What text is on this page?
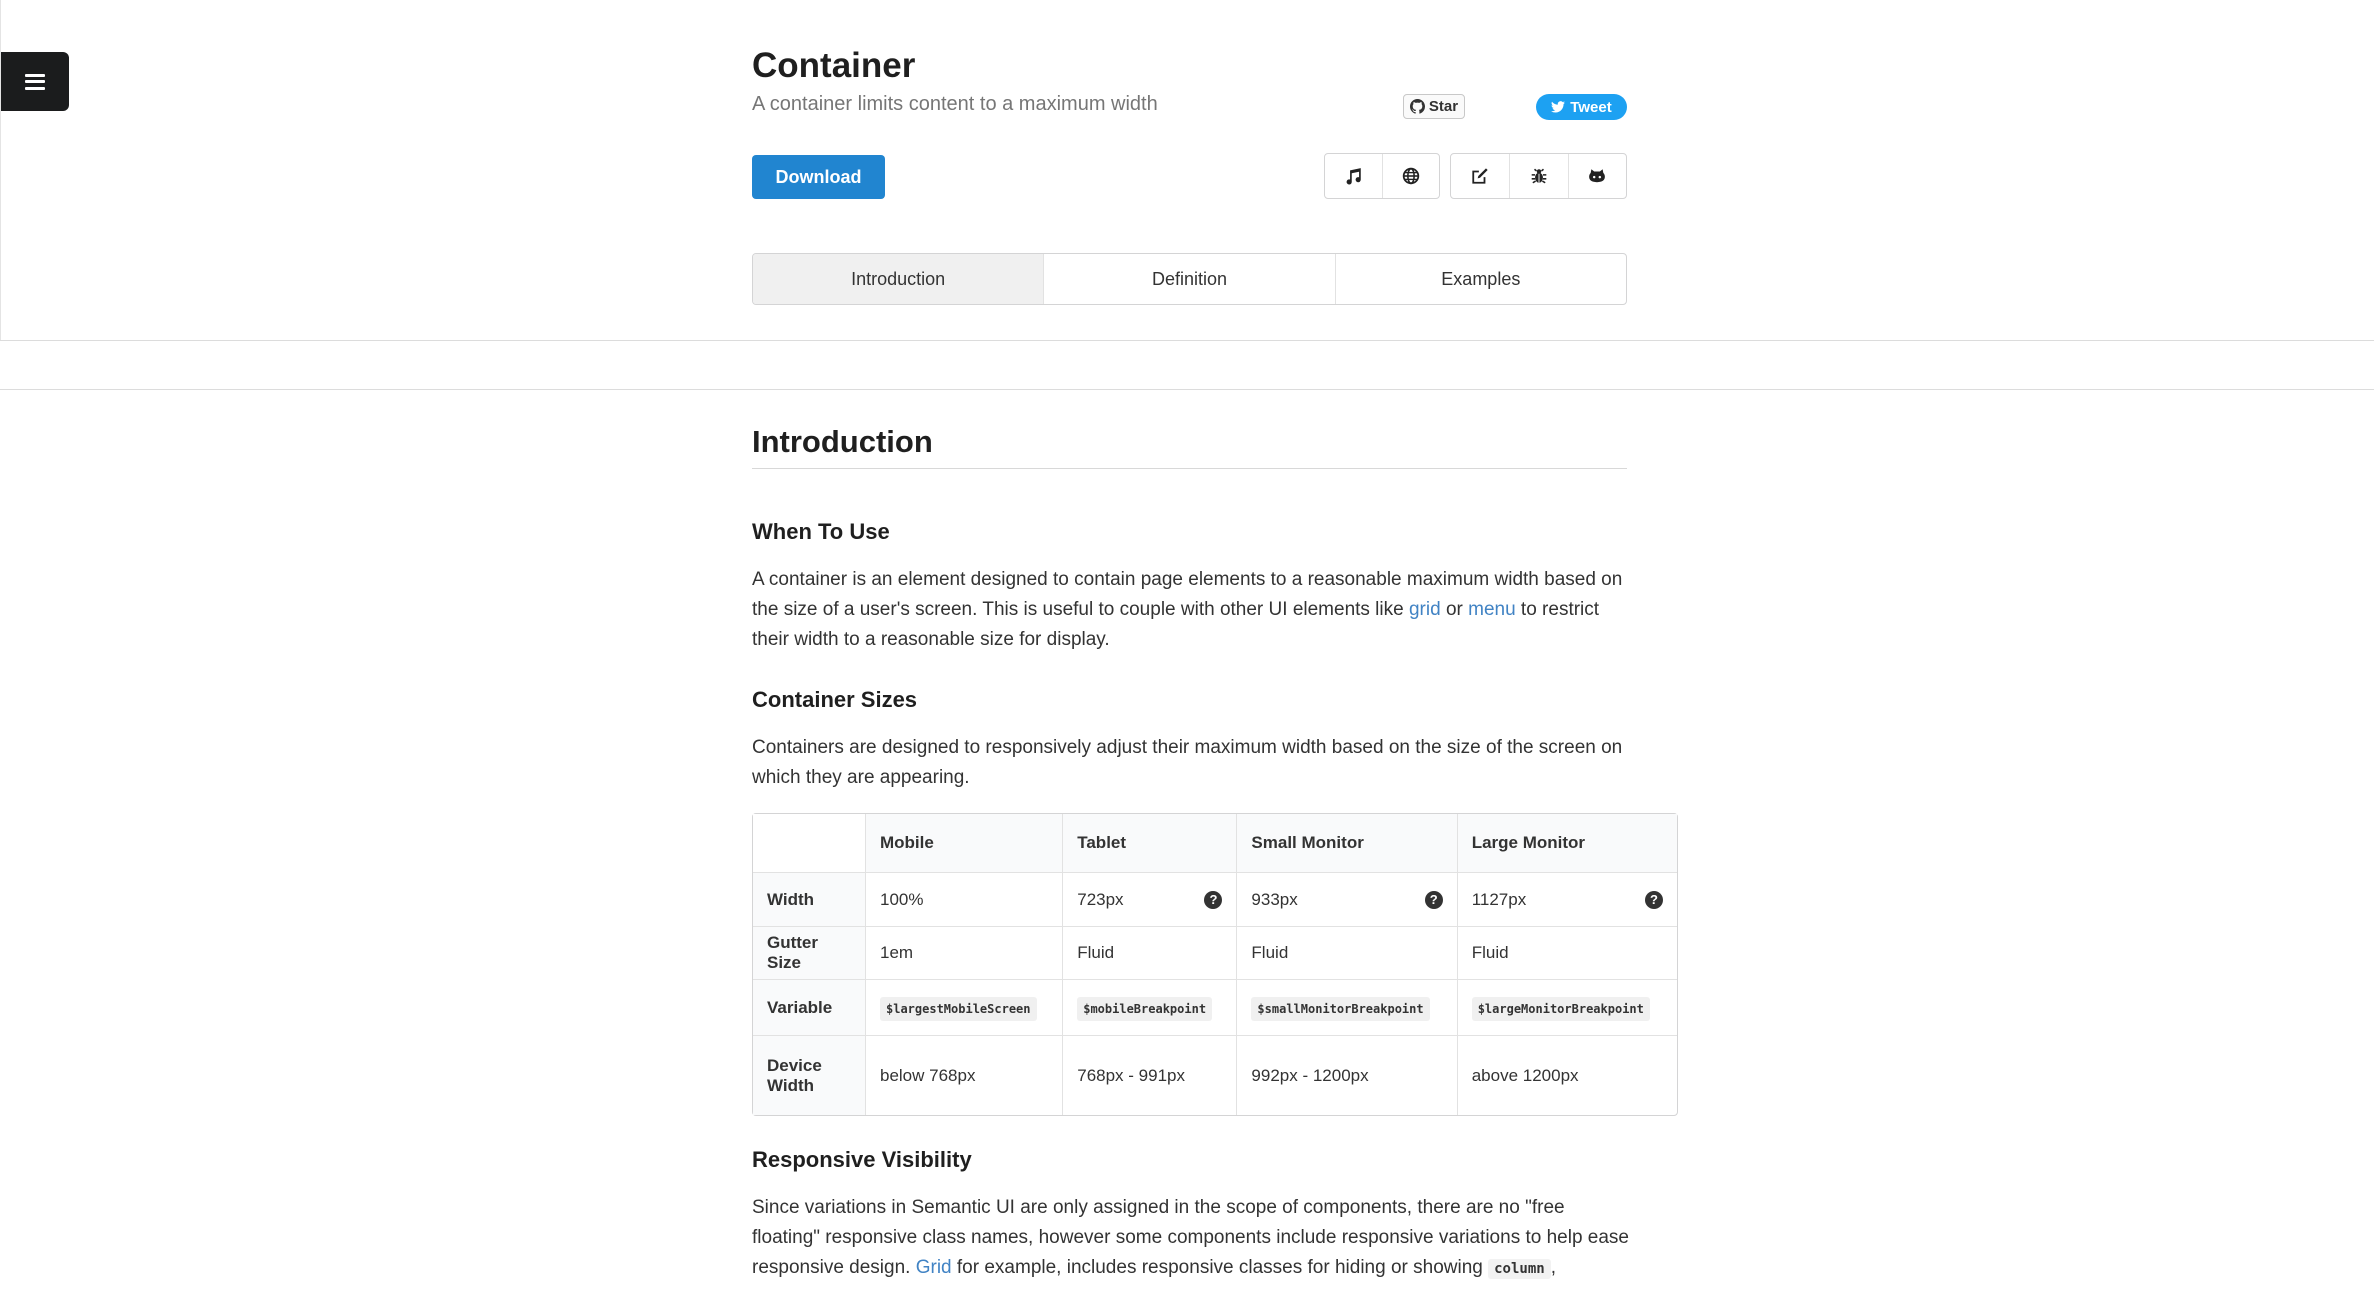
Container
A container limits content to a maximum width	Star	Tweet
Download
Introduction	Definition	Examples
Introduction
When To Use

A container is an element designed to contain page elements to a reasonable maximum width based on the size of a user's screen. This is useful to couple with other UI elements like grid or menu to restrict their width to a reasonable size for display.

Container Sizes

Containers are designed to responsively adjust their maximum width based on the size of the screen on which they are appearing.

	Mobile	Tablet	Small Monitor	Large Monitor
Width	100%	723px ?	933px ?	1127px ?

Gutter Size	1em	Fluid	Fluid	Fluid
Variable	$largestMobileScreen	$mobileBreakpoint	$smallMonitorBreakpoint	$largeMonitorBreakpoint
Device Width	below 768px	768px - 991px	992px - 1200px	above 1200px
Responsive Visibility

Since variations in Semantic UI are only assigned in the scope of components, there are no "free floating" responsive class names, however some components include responsive variations to help ease responsive design. Grid for example, includes responsive classes for hiding or showing column ,
